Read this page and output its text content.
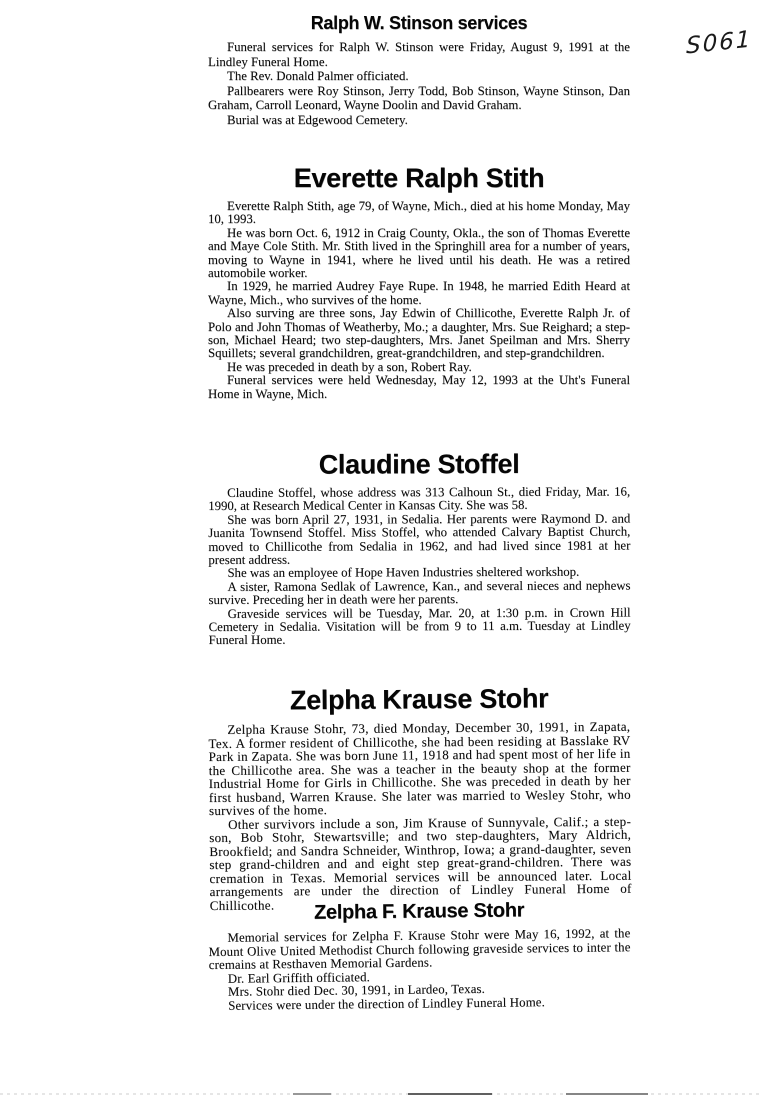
S061
Ralph W. Stinson services

Funeral services for Ralph W. Stinson were Friday, August 9, 1991 at the Lindley Funeral Home.

The Rev. Donald Palmer officiated.

Pallbearers were Roy Stinson, Jerry Todd, Bob Stinson, Wayne Stinson, Dan Graham, Carroll Leonard, Wayne Doolin and David Graham.

Burial was at Edgewood Cemetery.

Everette Ralph Stith

Everette Ralph Stith, age 79, of Wayne, Mich., died at his home Monday, May 10, 1993.

He was born Oct. 6, 1912 in Craig County, Okla., the son of Thomas Everette and Maye Cole Stith. Mr. Stith lived in the Springhill area for a number of years, moving to Wayne in 1941, where he lived until his death. He was a retired automobile worker.

In 1929, he married Audrey Faye Rupe. In 1948, he married Edith Heard at Wayne, Mich., who survives of the home.

Also surving are three sons, Jay Edwin of Chillicothe, Everette Ralph Jr. of Polo and John Thomas of Weatherby, Mo.; a daughter, Mrs. Sue Reighard; a step-son, Michael Heard; two step-daughters, Mrs. Janet Speilman and Mrs. Sherry Squillets; several grandchildren, great-grandchildren, and step-grandchildren.

He was preceded in death by a son, Robert Ray.

Funeral services were held Wednesday, May 12, 1993 at the Uht's Funeral Home in Wayne, Mich.

Claudine Stoffel

Claudine Stoffel, whose address was 313 Calhoun St., died Friday, Mar. 16, 1990, at Research Medical Center in Kansas City. She was 58.

She was born April 27, 1931, in Sedalia. Her parents were Raymond D. and Juanita Townsend Stoffel. Miss Stoffel, who attended Calvary Baptist Church, moved to Chillicothe from Sedalia in 1962, and had lived since 1981 at her present address.

She was an employee of Hope Haven Industries sheltered workshop.

A sister, Ramona Sedlak of Lawrence, Kan., and several nieces and nephews survive. Preceding her in death were her parents.

Graveside services will be Tuesday, Mar. 20, at 1:30 p.m. in Crown Hill Cemetery in Sedalia. Visitation will be from 9 to 11 a.m. Tuesday at Lindley Funeral Home.

Zelpha Krause Stohr

Zelpha Krause Stohr, 73, died Monday, December 30, 1991, in Zapata, Tex. A former resident of Chillicothe, she had been residing at Basslake RV Park in Zapata. She was born June 11, 1918 and had spent most of her life in the Chillicothe area. She was a teacher in the beauty shop at the former Industrial Home for Girls in Chillicothe. She was preceded in death by her first husband, Warren Krause. She later was married to Wesley Stohr, who survives of the home.

Other survivors include a son, Jim Krause of Sunnyvale, Calif.; a step-son, Bob Stohr, Stewartsville; and two step-daughters, Mary Aldrich, Brookfield; and Sandra Schneider, Winthrop, Iowa; a grand-daughter, seven step grand-children and and eight step great-grand-children. There was cremation in Texas. Memorial services will be announced later. Local arrangements are under the direction of Lindley Funeral Home of Chillicothe.	Zelpha F. Krause Stohr

Memorial services for Zelpha F. Krause Stohr were May 16, 1992, at the Mount Olive United Methodist Church following graveside services to inter the cremains at Resthaven Memorial Gardens.

Dr. Earl Griffith officiated.

Mrs. Stohr died Dec. 30, 1991, in Lardeo, Texas.

Services were under the direction of Lindley Funeral Home.
